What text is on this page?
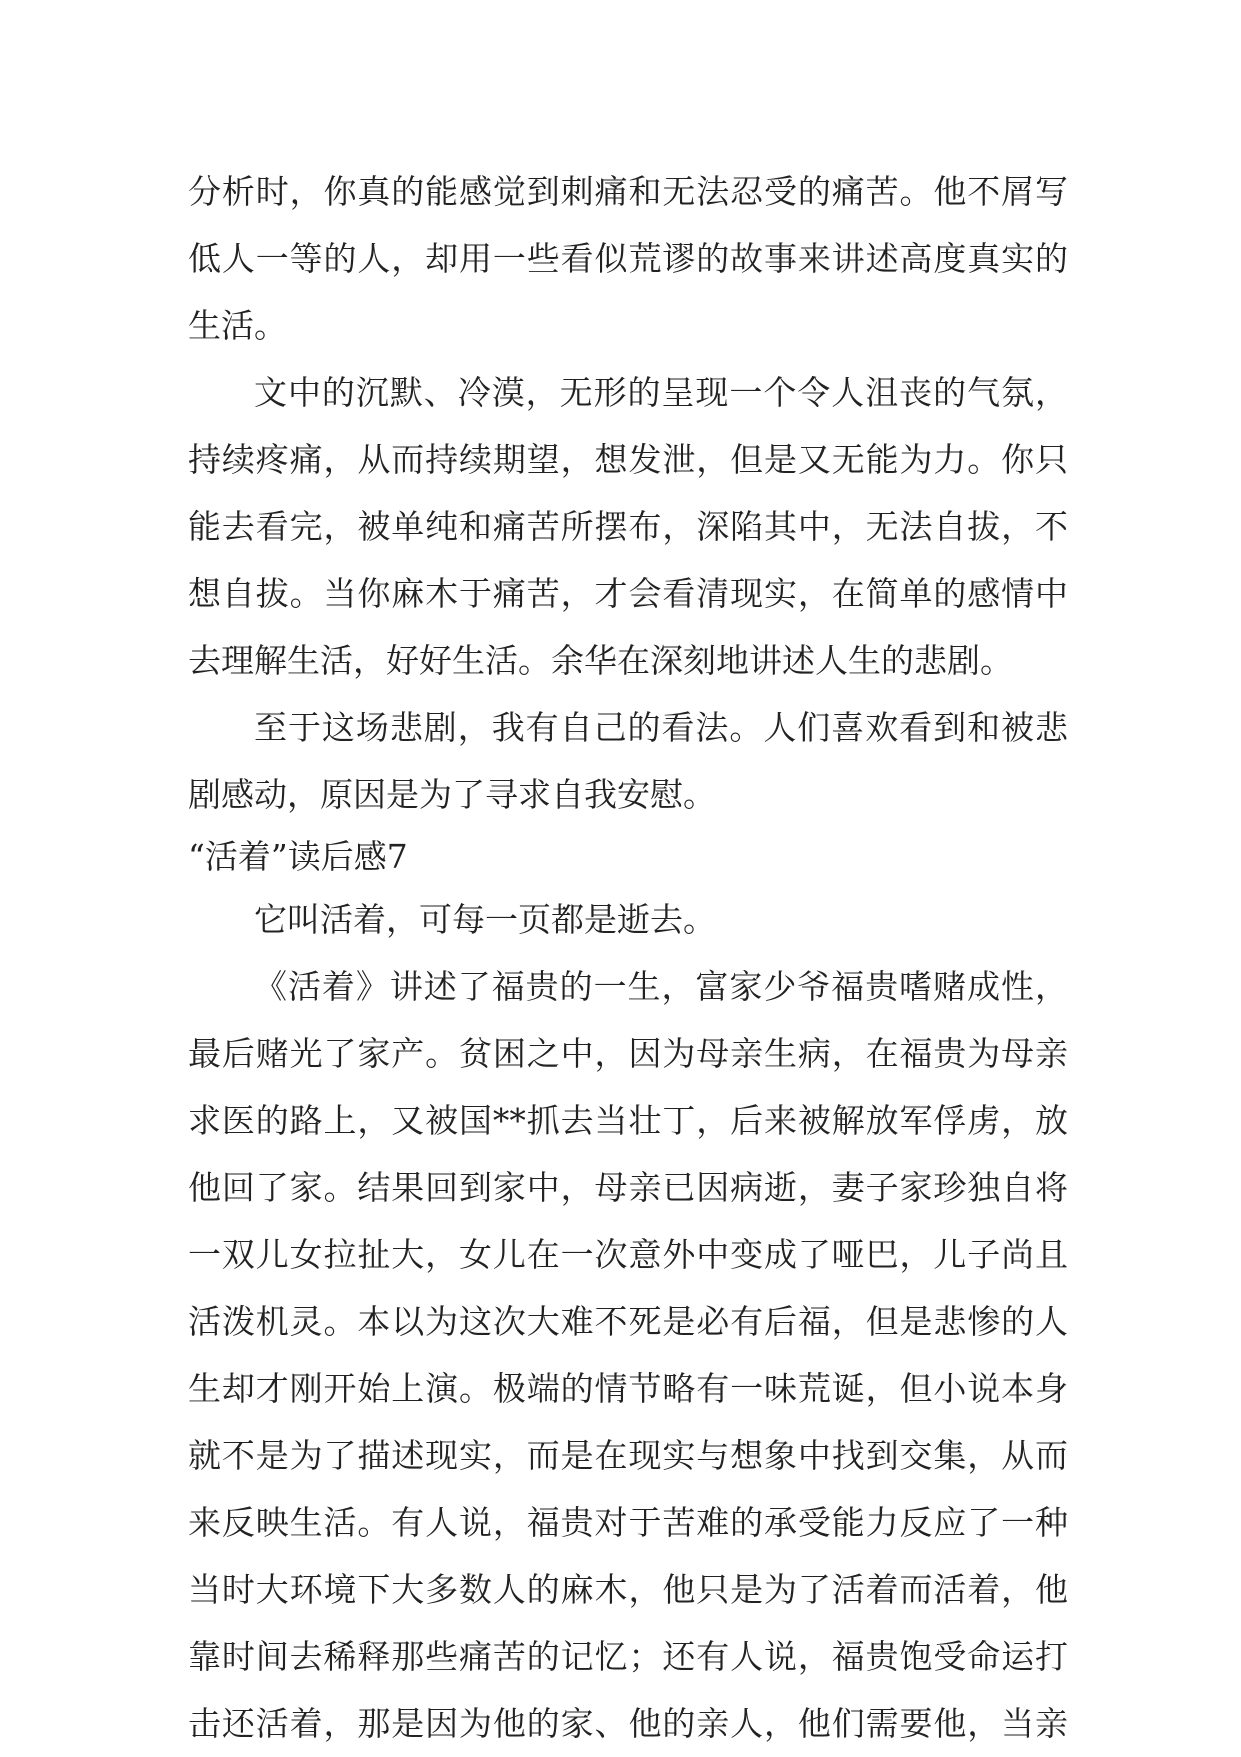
分析时，你真的能感觉到刺痛和无法忍受的痛苦。他不屑写
低人一等的人，却用一些看似荒谬的故事来讲述高度真实的
生活。
文中的沉默、冷漠，无形的呈现一个令人沮丧的气氛，
持续疼痛，从而持续期望，想发泄，但是又无能为力。你只
能去看完，被单纯和痛苦所摆布，深陷其中，无法自拔，不
想自拔。当你麻木于痛苦，才会看清现实，在简单的感情中
去理解生活，好好生活。余华在深刻地讲述人生的悲剧。
至于这场悲剧，我有自己的看法。人们喜欢看到和被悲
剧感动，原因是为了寻求自我安慰。
“活着”读后感7
它叫活着，可每一页都是逝去。
《活着》讲述了福贵的一生，富家少爷福贵嗜赌成性，
最后赌光了家产。贫困之中，因为母亲生病，在福贵为母亲
求医的路上，又被国**抓去当壮丁，后来被解放军俘虏，放
他回了家。结果回到家中，母亲已因病逝，妻子家珍独自将
一双儿女拉扯大，女儿在一次意外中变成了哑巴，儿子尚且
活泼机灵。本以为这次大难不死是必有后福，但是悲惨的人
生却才刚开始上演。极端的情节略有一味荒诞，但小说本身
就不是为了描述现实，而是在现实与想象中找到交集，从而
来反映生活。有人说，福贵对于苦难的承受能力反应了一种
当时大环境下大多数人的麻木，他只是为了活着而活着，他
靠时间去稀释那些痛苦的记忆；还有人说，福贵饱受命运打
击还活着，那是因为他的家、他的亲人，他们需要他，当亲
